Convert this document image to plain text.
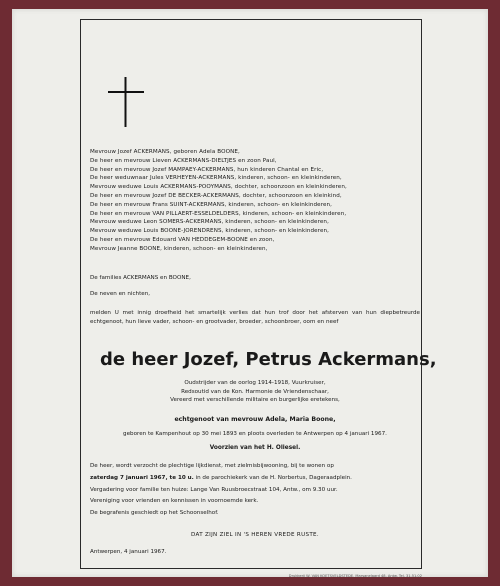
Mevrouw Jozef ACKERMANS, geboren Adela BOONE,
De heer en mevrouw Lieven ACKERMANS-DIELTJES en zoon Paul,
De heer en mevrouw Jozef MAMPAEY-ACKERMANS, hun kinderen Chantal en Eric,
De heer weduwnaar Jules VERHEYEN-ACKERMANS, kinderen, schoon- en kleinkinderen,
Mevrouw weduwe Louis ACKERMANS-POOYMANS, dochter, schoonzoon en kleinkinderen,
De heer en mevrouw Jozef DE BECKER-ACKERMANS, dochter, schoonzoon en kleinkind,
De heer en mevrouw Frans SUINT-ACKERMANS, kinderen, schoon- en kleinkinderen,
De heer en mevrouw VAN PILLAERT-ESSELDELDERS, kinderen, schoon- en kleinkinderen,
Mevrouw weduwe Leon SOMERS-ACKERMANS, kinderen, schoon- en kleinkinderen,
Mevrouw weduwe Louis BOONE-JORENDRENS, kinderen, schoon- en kleinkinderen,
De heer en mevrouw Edouard VAN HEDDEGEM-BOONE en zoon,
Mevrouw Jeanne BOONE, kinderen, schoon- en kleinkinderen,
De families ACKERMANS en BOONE,
De neven en nichten,
melden U met innig droefheid het smartelijk verlies dat hun trof door het afsterven van hun diepbetreurde echtgenoot, hun lieve vader, schoon- en grootvader, broeder, schoonbroer, oom en neef
de heer Jozef, Petrus Ackermans,
Oudstrijder van de oorlog 1914-1918, Vuurkruiser,
Redsoutid van de Kon. Harmonie de Vriendenschaar,
Vereerd met verschillende militaire en burgerlijke eretekens,
echtgenoot van mevrouw Adela, Maria Boone,
geboren te Kampenhout op 30 mei 1893 en ploots overleden te Antwerpen op 4 januari 1967.
Voorzien van het H. Oliesel.
De heer, wordt verzocht de plechtige lijkdienst, met zielmisbijwooning, bij te wonen op
zaterdag 7 januari 1967, te 10 u. in de parochiekerk van de H. Norbertus, Dageraadplein.
Vergadering voor familie ten huize: Lange Van Ruusbroecstraat 104, Antw., om 9.30 uur.
Vereniging voor vrienden en kennissen in voornoemde kerk.
De begrafenis geschiedt op het Schoonselhof.
DAT ZIJN ZIEL IN 'S HEREN VREDE RUSTE.
Antwerpen, 4 januari 1967.
Drukkerij W. VAN KOETSVELDSTEDE, Marsanelaard 48, Antw. Tel. 31.51.02
